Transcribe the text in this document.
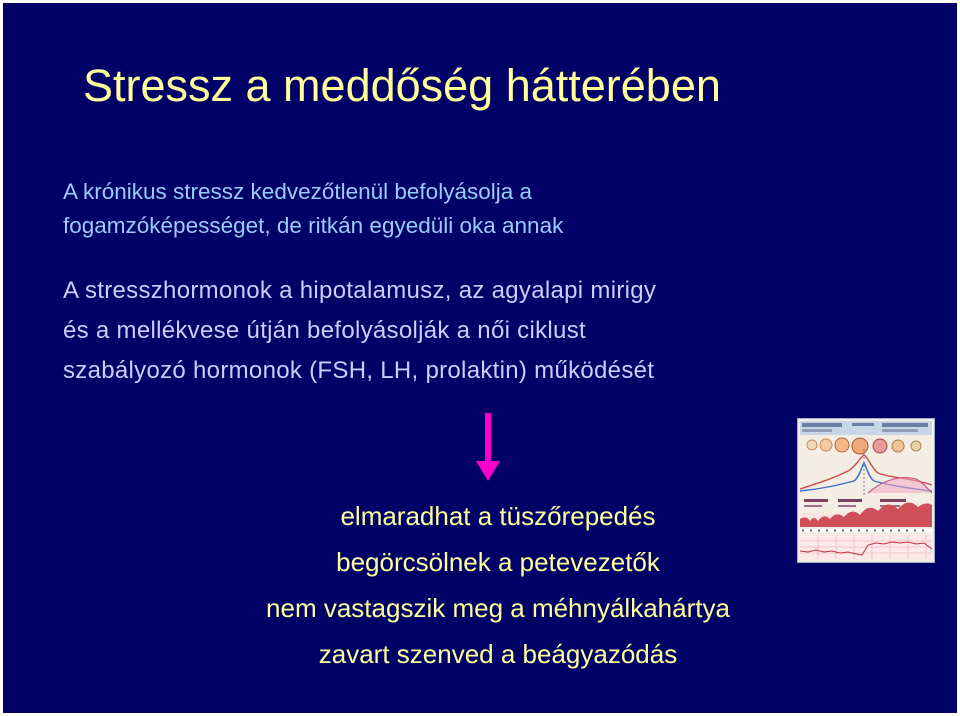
Stressz a meddőség hátterében
A krónikus stressz kedvezőtlenül befolyásolja a
fogamzóképességet, de ritkán egyedüli oka annak
A stresszhormonok a hipotalamusz, az agyalapi mirigy
és a mellékvese útján befolyásolják a női ciklust
szabályozó hormonok (FSH, LH, prolaktin) működését
elmaradhat a tüszőrepedés
begörcsölnek a petevezetők
nem vastagszik meg a méhnyálkahártya
zavart szenved a beágyazódás
